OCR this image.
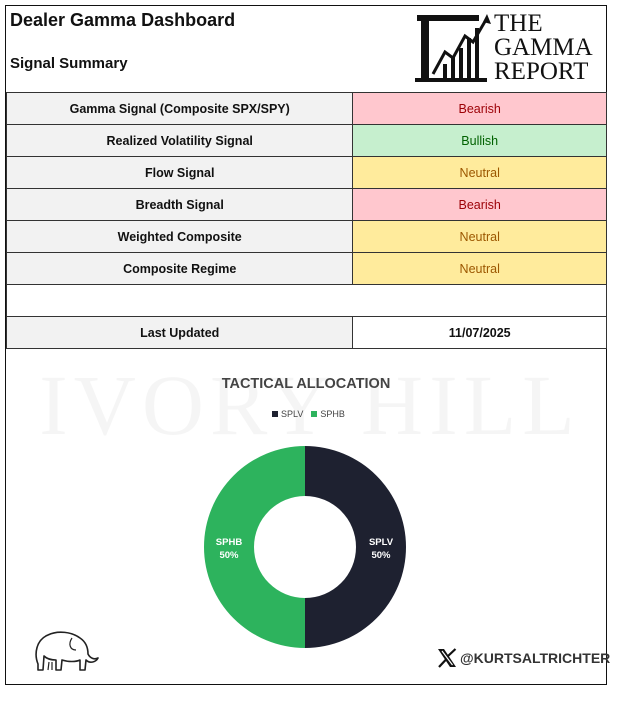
Dealer Gamma Dashboard
Signal Summary
THE
GAMMA
REPORT
Gamma Signal (Composite SPX/SPY)	Bearish
Realized Volatility Signal	Bullish
Flow Signal	Neutral
Breadth Signal	Bearish
Weighted Composite	Neutral
Composite Regime	Neutral

Last Updated	11/07/2025
TACTICAL ALLOCATION
SPLV SPHB
SPLV
50%
SPHB
50%
@KURTSALTRICHTER
